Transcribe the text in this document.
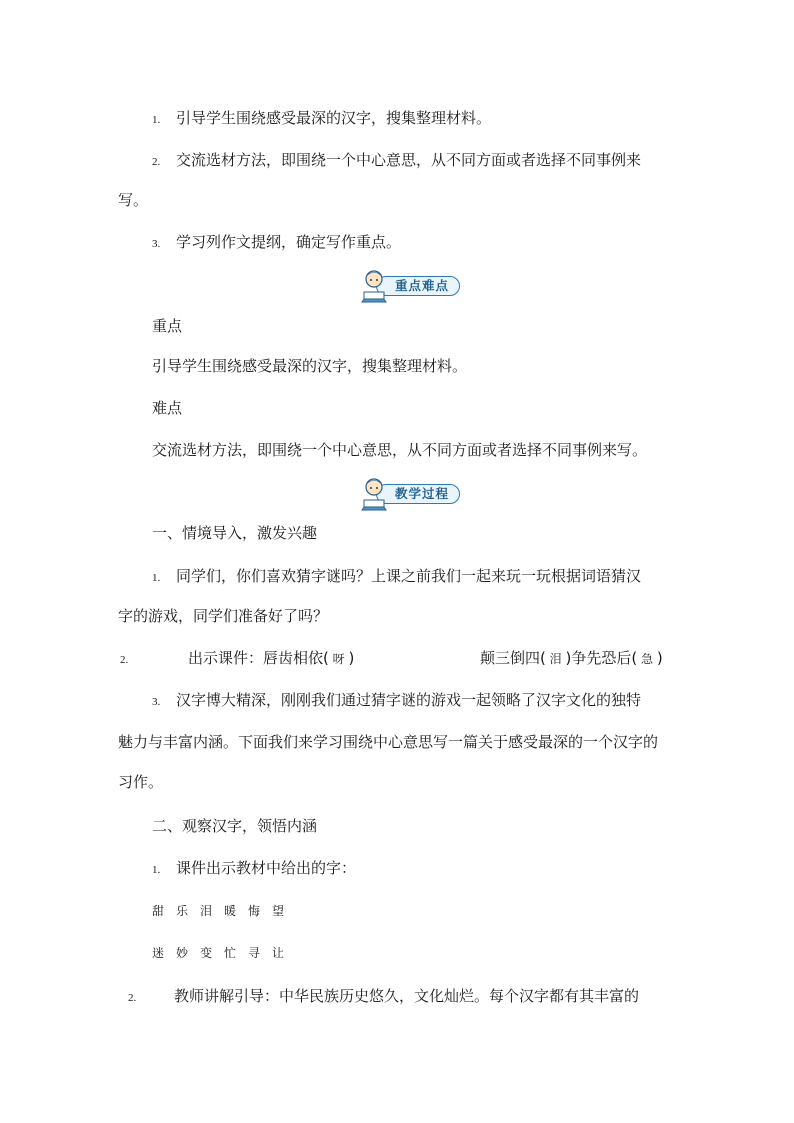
1. 引导学生围绕感受最深的汉字，搜集整理材料。
2. 交流选材方法，即围绕一个中心意思，从不同方面或者选择不同事例来
写。
3. 学习列作文提纲，确定写作重点。
重点难点
重点
引导学生围绕感受最深的汉字，搜集整理材料。
难点
交流选材方法，即围绕一个中心意思，从不同方面或者选择不同事例来写。
教学过程
一、情境导入，激发兴趣
1. 同学们，你们喜欢猜字谜吗？上课之前我们一起来玩一玩根据词语猜汉
字的游戏，同学们准备好了吗？
2.	出示课件：唇齿相依( 呀 )	颠三倒四( 泪 )争先恐后( 急 )
3. 汉字博大精深，刚刚我们通过猜字谜的游戏一起领略了汉字文化的独特
魅力与丰富内涵。下面我们来学习围绕中心意思写一篇关于感受最深的一个汉字的
习作。
二、观察汉字，领悟内涵
1. 课件出示教材中给出的字：
甜 乐 泪 暖 悔 望
迷 妙 变 忙 寻 让
2.	教师讲解引导：中华民族历史悠久，文化灿烂。每个汉字都有其丰富的
